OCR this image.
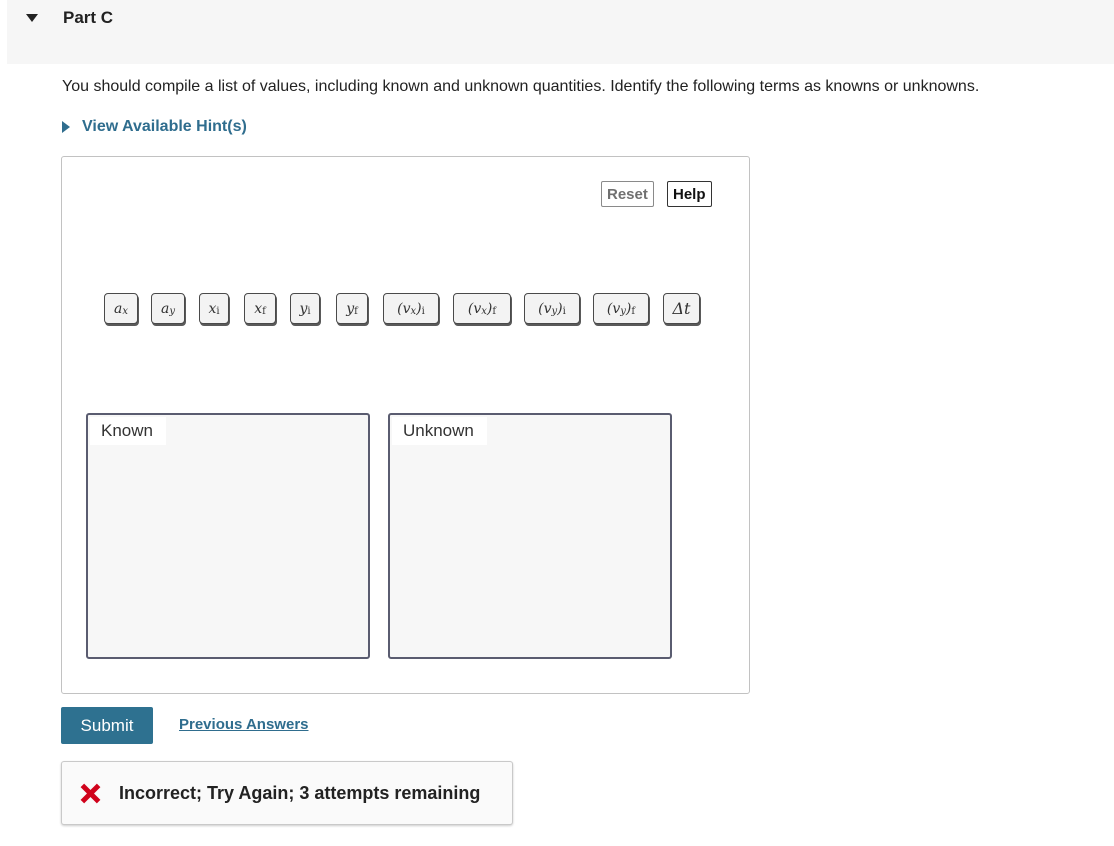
Part C
You should compile a list of values, including known and unknown quantities. Identify the following terms as knowns or unknowns.
View Available Hint(s)
Reset	Help
$a_x$ $a_y$ $x_i$ $x_f$ $y_i$	$y_f$	($v_x$ )$_i$	($v_x$ )$_f$	($v_y$ )$_i$	($v_y$ )$_f$ Δt
Known	Unknown
Submit	Previous Answers
Incorrect; Try Again; 3 attempts remaining
